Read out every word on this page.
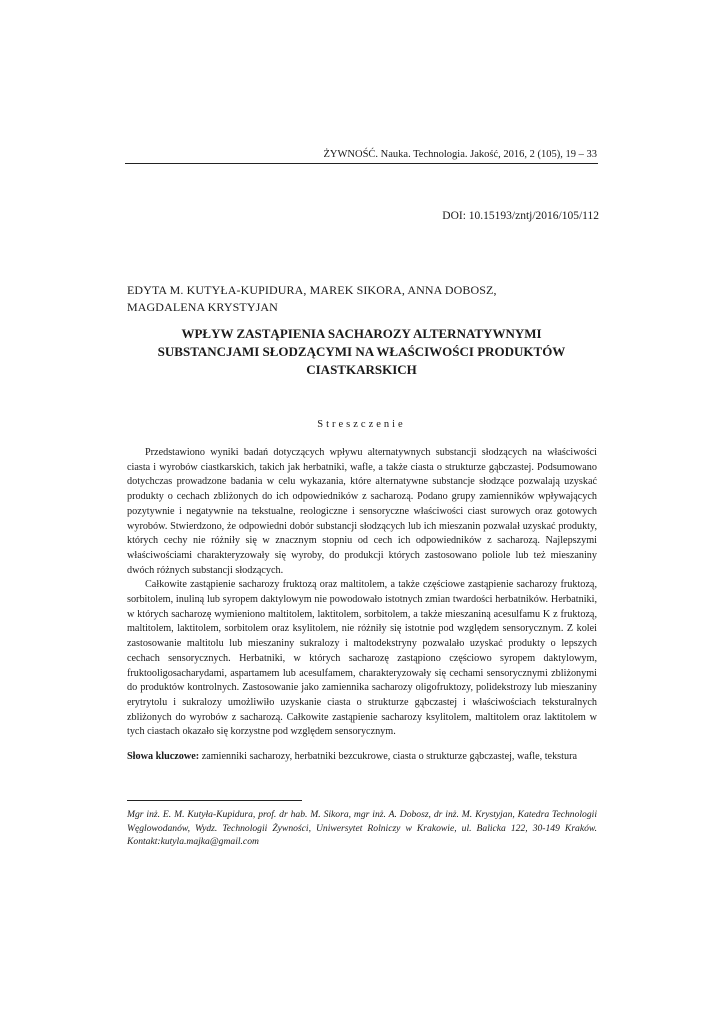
ŻYWNOŚĆ. Nauka. Technologia. Jakość, 2016, 2 (105), 19 – 33
DOI: 10.15193/zntj/2016/105/112
EDYTA M. KUTYŁA-KUPIDURA, MAREK SIKORA, ANNA DOBOSZ,
MAGDALENA KRYSTYJAN
WPŁYW ZASTĄPIENIA SACHAROZY ALTERNATYWNYMI
SUBSTANCJAMI SŁODZĄCYMI NA WŁAŚCIWOŚCI PRODUKTÓW
CIASTKARSKICH
Streszczenie

Przedstawiono wyniki badań dotyczących wpływu alternatywnych substancji słodzących na właściwości ciasta i wyrobów ciastkarskich, takich jak herbatniki, wafle, a także ciasta o strukturze gąbczastej. Podsumowano dotychczas prowadzone badania w celu wykazania, które alternatywne substancje słodzące pozwalają uzyskać produkty o cechach zbliżonych do ich odpowiedników z sacharozą. Podano grupy zamienników wpływających pozytywnie i negatywnie na tekstualne, reologiczne i sensoryczne właściwości ciast surowych oraz gotowych wyrobów. Stwierdzono, że odpowiedni dobór substancji słodzących lub ich mieszanin pozwalał uzyskać produkty, których cechy nie różniły się w znacznym stopniu od cech ich odpowiedników z sacharozą. Najlepszymi właściwościami charakteryzowały się wyroby, do produkcji których zastosowano poliole lub też mieszaniny dwóch różnych substancji słodzących.

Całkowite zastąpienie sacharozy fruktozą oraz maltitolem, a także częściowe zastąpienie sacharozy fruktozą, sorbitolem, inuliną lub syropem daktylowym nie powodowało istotnych zmian twardości herbatników. Herbatniki, w których sacharozę wymieniono maltitolem, laktitolem, sorbitolem, a także mieszaniną acesulfamu K z fruktozą, maltitolem, laktitolem, sorbitolem oraz ksylitolem, nie różniły się istotnie pod względem sensorycznym. Z kolei zastosowanie maltitolu lub mieszaniny sukralozy i maltodekstryny pozwalało uzyskać produkty o lepszych cechach sensorycznych. Herbatniki, w których sacharozę zastąpiono częściowo syropem daktylowym, fruktooligosacharydami, aspartamem lub acesulfamem, charakteryzowały się cechami sensorycznymi zbliżonymi do produktów kontrolnych. Zastosowanie jako zamiennika sacharozy oligofruktozy, polidekstrozy lub mieszaniny erytrytolu i sukralozy umożliwiło uzyskanie ciasta o strukturze gąbczastej i właściwościach teksturalnych zbliżonych do wyrobów z sacharozą. Całkowite zastąpienie sacharozy ksylitolem, maltitolem oraz laktitolem w tych ciastach okazało się korzystne pod względem sensorycznym.

Słowa kluczowe: zamienniki sacharozy, herbatniki bezcukrowe, ciasta o strukturze gąbczastej, wafle, tekstura
Mgr inż. E. M. Kutyła-Kupidura, prof. dr hab. M. Sikora, mgr inż. A. Dobosz, dr inż. M. Krystyjan, Katedra Technologii Węglowodanów, Wydz. Technologii Żywności, Uniwersytet Rolniczy w Krakowie, ul. Balicka 122, 30-149 Kraków. Kontakt:kutyla.majka@gmail.com
